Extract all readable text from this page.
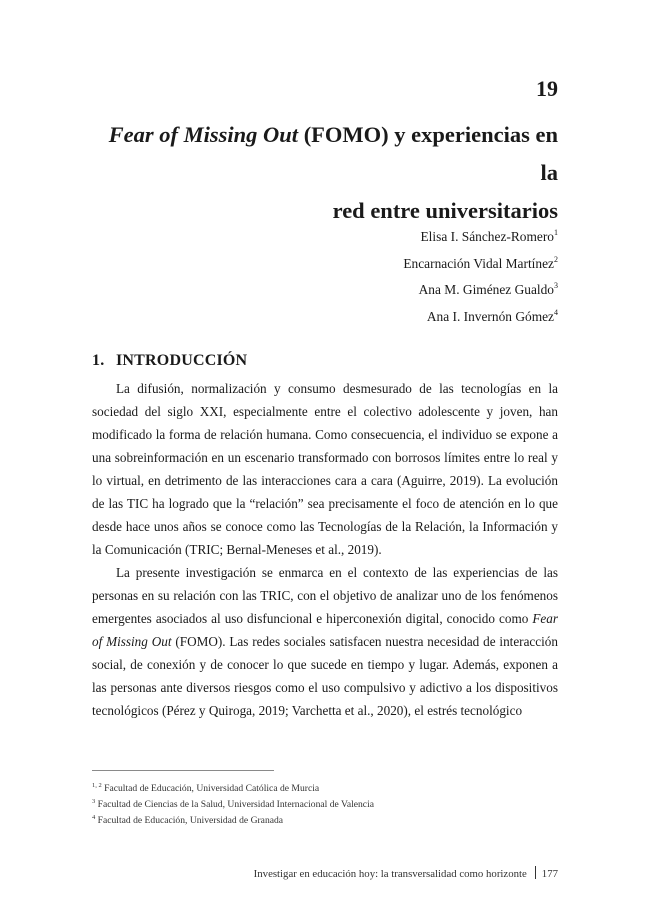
19
Fear of Missing Out (FOMO) y experiencias en la
red entre universitarios
Elisa I. Sánchez-Romero$^1$
Encarnación Vidal Martínez$^2$
Ana M. Giménez Gualdo$^3$
Ana I. Invernón Gómez$^4$
1. INTRODUCCIÓN

La difusión, normalización y consumo desmesurado de las tecnologías en la sociedad del siglo XXI, especialmente entre el colectivo adolescente y joven, han modificado la forma de relación humana. Como consecuencia, el individuo se expone a una sobreinformación en un escenario transformado con borrosos límites entre lo real y lo virtual, en detrimento de las interacciones cara a cara (Aguirre, 2019). La evolución de las TIC ha logrado que la “relación” sea precisamente el foco de atención en lo que desde hace unos años se conoce como las Tecnologías de la Relación, la Información y la Comunicación (TRIC; Bernal-Meneses et al., 2019).

La presente investigación se enmarca en el contexto de las experiencias de las personas en su relación con las TRIC, con el objetivo de analizar uno de los fenómenos emergentes asociados al uso disfuncional e hiperconexión digital, conocido como Fear of Missing Out (FOMO). Las redes sociales satisfacen nuestra necesidad de interacción social, de conexión y de conocer lo que sucede en tiempo y lugar. Además, exponen a las personas ante diversos riesgos como el uso compulsivo y adictivo a los dispositivos tecnológicos (Pérez y Quiroga, 2019; Varchetta et al., 2020), el estrés tecnológico

$^{1, 2}$ Facultad de Educación, Universidad Católica de Murcia
$^3$ Facultad de Ciencias de la Salud, Universidad Internacional de Valencia
$^4$ Facultad de Educación, Universidad de Granada
Investigar en educación hoy: la transversalidad como horizonte 177
